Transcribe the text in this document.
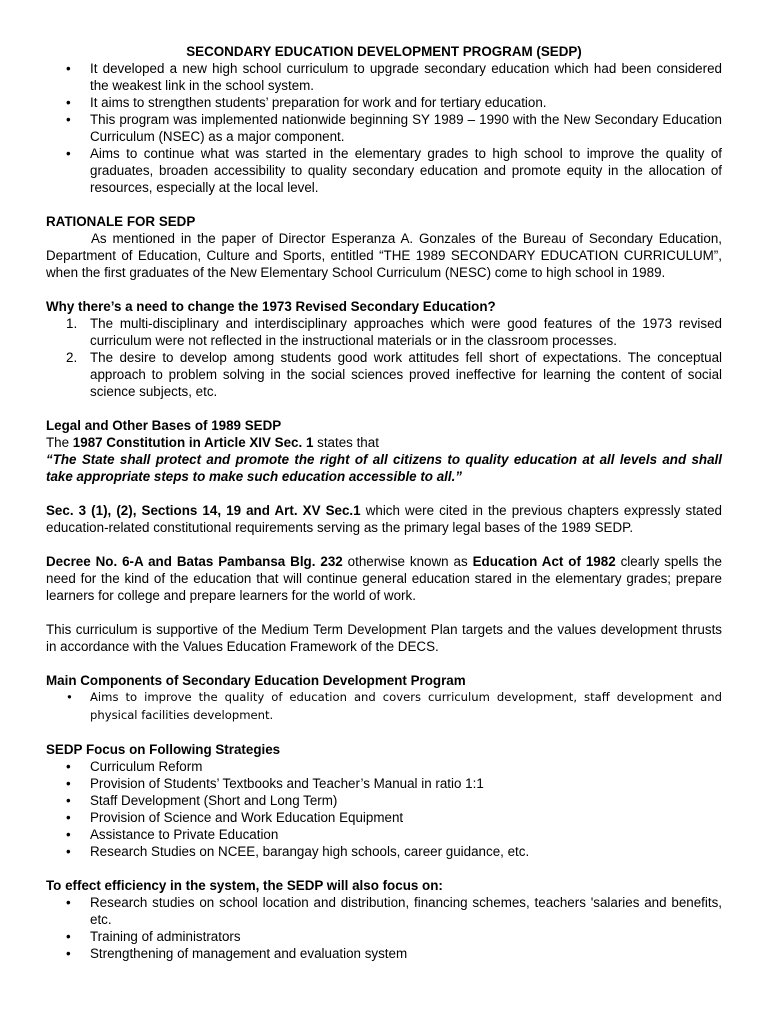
SECONDARY EDUCATION DEVELOPMENT PROGRAM (SEDP)

• It developed a new high school curriculum to upgrade secondary education which had been considered the weakest link in the school system.
• It aims to strengthen students’ preparation for work and for tertiary education.
• This program was implemented nationwide beginning SY 1989 – 1990 with the New Secondary Education Curriculum (NSEC) as a major component.
• Aims to continue what was started in the elementary grades to high school to improve the quality of graduates, broaden accessibility to quality secondary education and promote equity in the allocation of resources, especially at the local level.

RATIONALE FOR SEDP

As mentioned in the paper of Director Esperanza A. Gonzales of the Bureau of Secondary Education, Department of Education, Culture and Sports, entitled “THE 1989 SECONDARY EDUCATION CURRICULUM”, when the first graduates of the New Elementary School Curriculum (NESC) come to high school in 1989.

Why there’s a need to change the 1973 Revised Secondary Education?

1. The multi-disciplinary and interdisciplinary approaches which were good features of the 1973 revised curriculum were not reflected in the instructional materials or in the classroom processes.
2. The desire to develop among students good work attitudes fell short of expectations. The conceptual approach to problem solving in the social sciences proved ineffective for learning the content of social science subjects, etc.

Legal and Other Bases of 1989 SEDP

The 1987 Constitution in Article XIV Sec. 1 states that

“The State shall protect and promote the right of all citizens to quality education at all levels and shall take appropriate steps to make such education accessible to all.”

Sec. 3 (1), (2), Sections 14, 19 and Art. XV Sec.1 which were cited in the previous chapters expressly stated education-related constitutional requirements serving as the primary legal bases of the 1989 SEDP.

Decree No. 6-A and Batas Pambansa Blg. 232 otherwise known as Education Act of 1982 clearly spells the need for the kind of the education that will continue general education stared in the elementary grades; prepare learners for college and prepare learners for the world of work.

This curriculum is supportive of the Medium Term Development Plan targets and the values development thrusts in accordance with the Values Education Framework of the DECS.

Main Components of Secondary Education Development Program

• Aims to improve the quality of education and covers curriculum development, staff development and physical facilities development.

SEDP Focus on Following Strategies

• Curriculum Reform
• Provision of Students’ Textbooks and Teacher’s Manual in ratio 1:1
• Staff Development (Short and Long Term)
• Provision of Science and Work Education Equipment
• Assistance to Private Education
• Research Studies on NCEE, barangay high schools, career guidance, etc.

To effect efficiency in the system, the SEDP will also focus on:

• Research studies on school location and distribution, financing schemes, teachers 'salaries and benefits, etc.
• Training of administrators
• Strengthening of management and evaluation system
